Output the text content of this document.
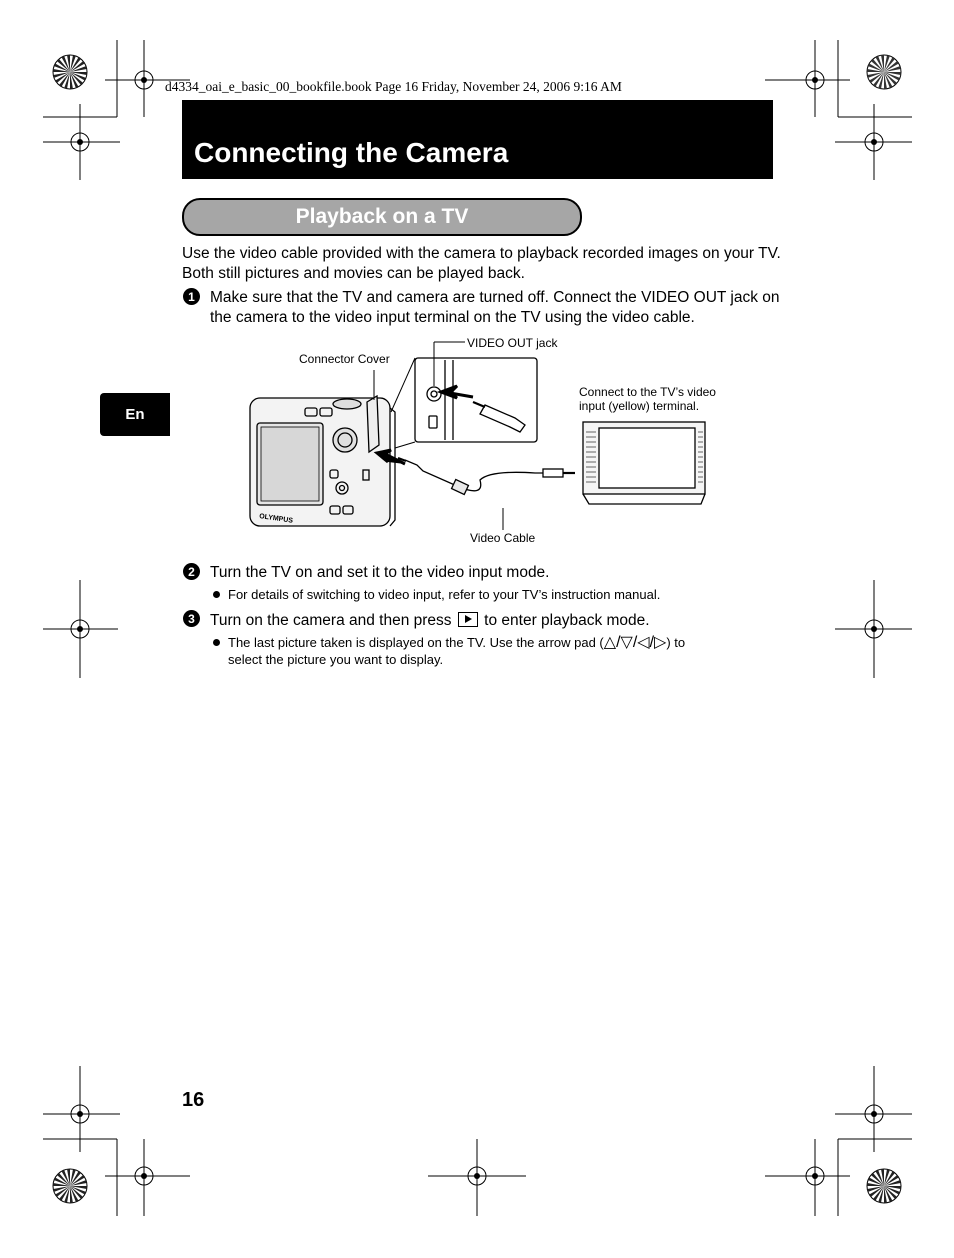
d4334_oai_e_basic_00_bookfile.book Page 16 Friday, November 24, 2006 9:16 AM
Connecting the Camera
Playback on a TV
En
Use the video cable provided with the camera to playback recorded images on your TV. Both still pictures and movies can be played back.
1 Make sure that the TV and camera are turned off. Connect the VIDEO OUT jack on the camera to the video input terminal on the TV using the video cable.
OLYMPUS
Connector Cover
VIDEO OUT jack
Connect to the TV’s video
input (yellow) terminal.
Video Cable
2 Turn the TV on and set it to the video input mode.
For details of switching to video input, refer to your TV’s instruction manual.
3 Turn on the camera and then press to enter playback mode.
The last picture taken is displayed on the TV. Use the arrow pad (△/▽/◁/▷) to
select the picture you want to display.
16
